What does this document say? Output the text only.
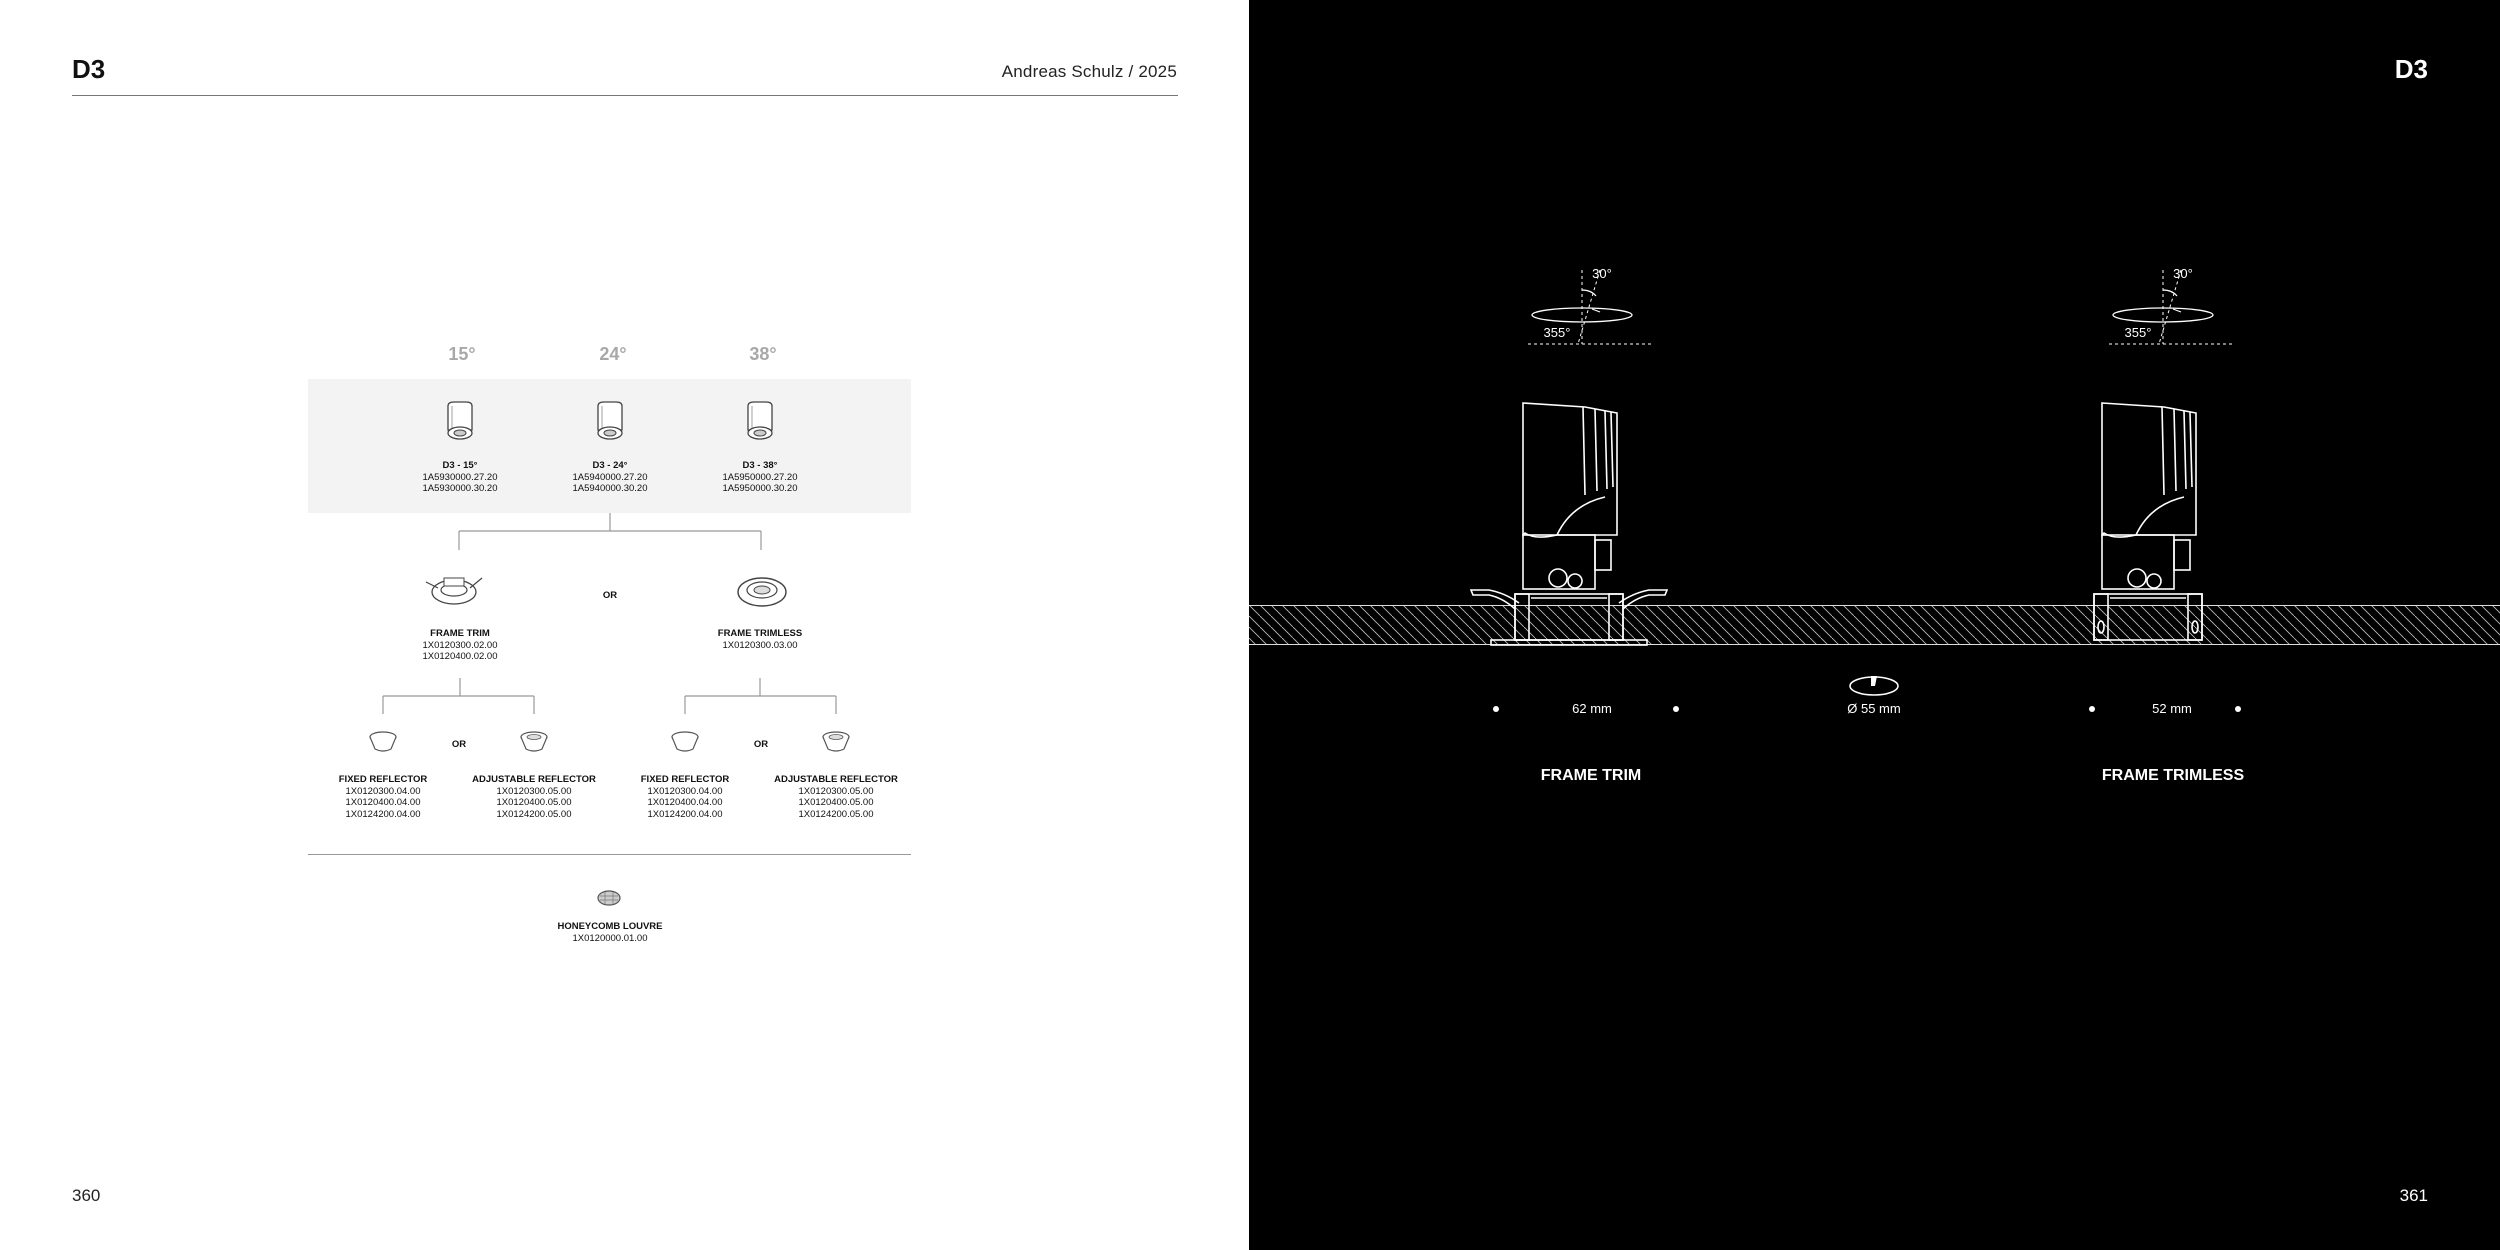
D3	Andreas Schulz / 2025
15°	24°	38°
D3 - 15°
1A5930000.27.20
1A5930000.30.20
D3 - 24°
1A5940000.27.20
1A5940000.30.20
D3 - 38°
1A5950000.27.20
1A5950000.30.20
OR
FRAME TRIM
1X0120300.02.00
1X0120400.02.00
FRAME TRIMLESS
1X0120300.03.00
OR	OR
FIXED REFLECTOR
1X0120300.04.00
1X0120400.04.00
1X0124200.04.00
ADJUSTABLE REFLECTOR
1X0120300.05.00
1X0120400.05.00
1X0124200.05.00
FIXED REFLECTOR
1X0120300.04.00
1X0120400.04.00
1X0124200.04.00
ADJUSTABLE REFLECTOR
1X0120300.05.00
1X0120400.05.00
1X0124200.05.00
HONEYCOMB LOUVRE
1X0120000.01.00
360
D3
30°
355°
62 mm
FRAME TRIM
Ø 55 mm
30°
355°
52 mm
FRAME TRIMLESS
361
